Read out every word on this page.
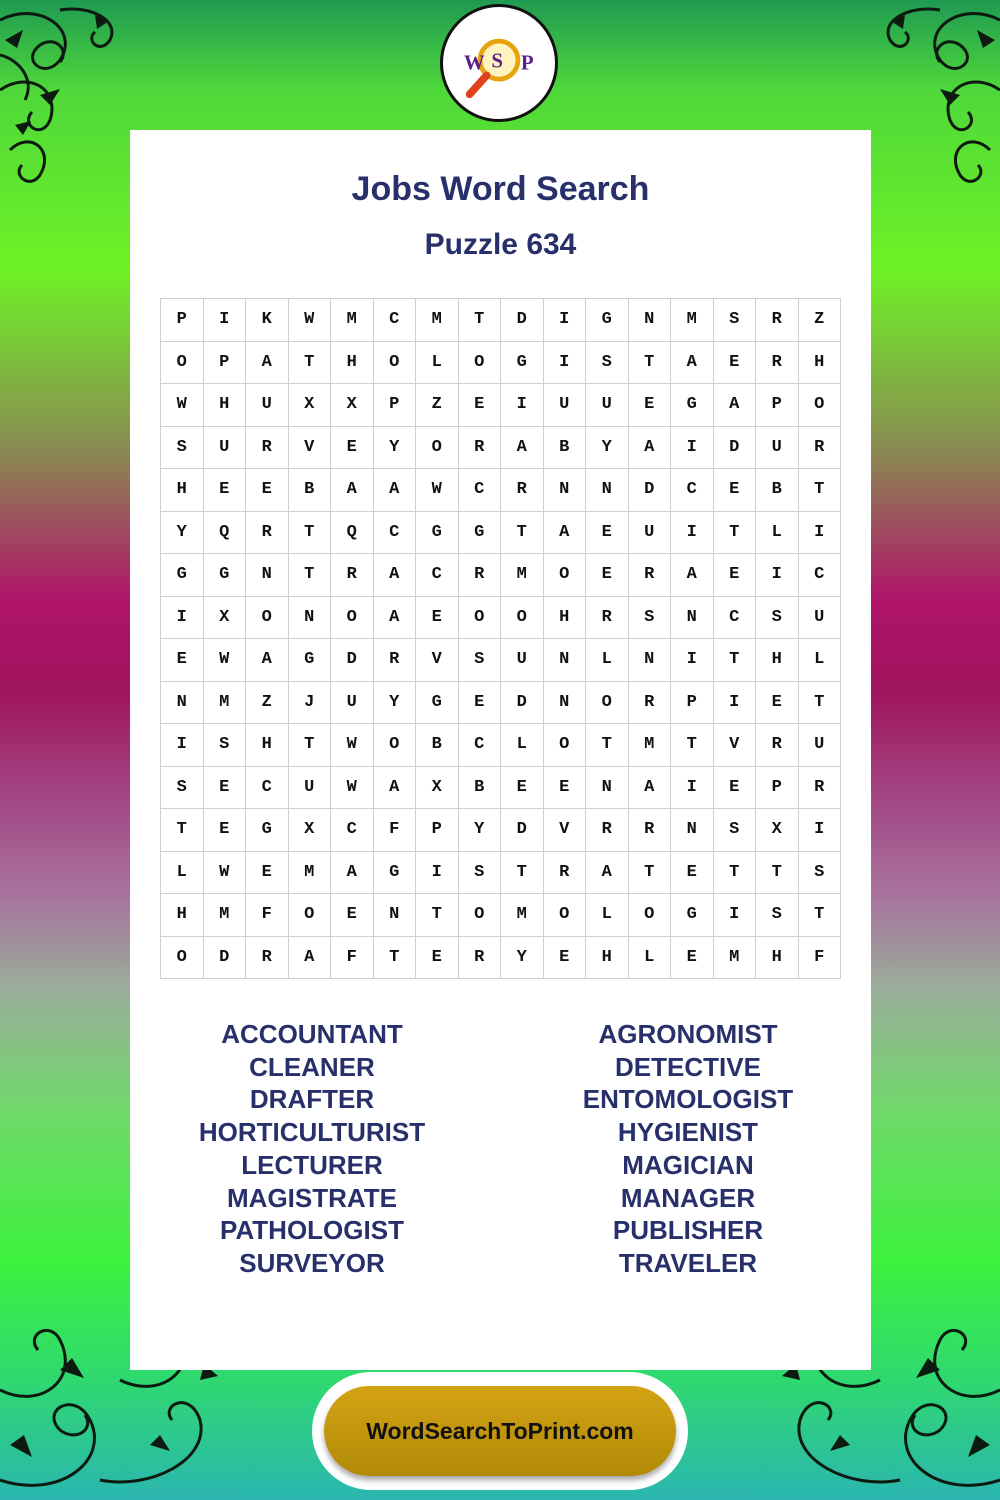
W S P
Jobs Word Search
Puzzle 634
P	I	K	W	M	C	M	T	D	I	G	N	M	S	R	Z
O	P	A	T	H	O	L	O	G	I	S	T	A	E	R	H
W	H	U	X	X	P	Z	E	I	U	U	E	G	A	P	O
S	U	R	V	E	Y	O	R	A	B	Y	A	I	D	U	R
H	E	E	B	A	A	W	C	R	N	N	D	C	E	B	T
Y	Q	R	T	Q	C	G	G	T	A	E	U	I	T	L	I
G	G	N	T	R	A	C	R	M	O	E	R	A	E	I	C
I	X	O	N	O	A	E	O	O	H	R	S	N	C	S	U
E	W	A	G	D	R	V	S	U	N	L	N	I	T	H	L
N	M	Z	J	U	Y	G	E	D	N	O	R	P	I	E	T
I	S	H	T	W	O	B	C	L	O	T	M	T	V	R	U
S	E	C	U	W	A	X	B	E	E	N	A	I	E	P	R
T	E	G	X	C	F	P	Y	D	V	R	R	N	S	X	I
L	W	E	M	A	G	I	S	T	R	A	T	E	T	T	S
H	M	F	O	E	N	T	O	M	O	L	O	G	I	S	T
O	D	R	A	F	T	E	R	Y	E	H	L	E	M	H	F
ACCOUNTANT
CLEANER
DRAFTER
HORTICULTURIST
LECTURER
MAGISTRATE
PATHOLOGIST
SURVEYOR
AGRONOMIST
DETECTIVE
ENTOMOLOGIST
HYGIENIST
MAGICIAN
MANAGER
PUBLISHER
TRAVELER
WordSearchToPrint.com
